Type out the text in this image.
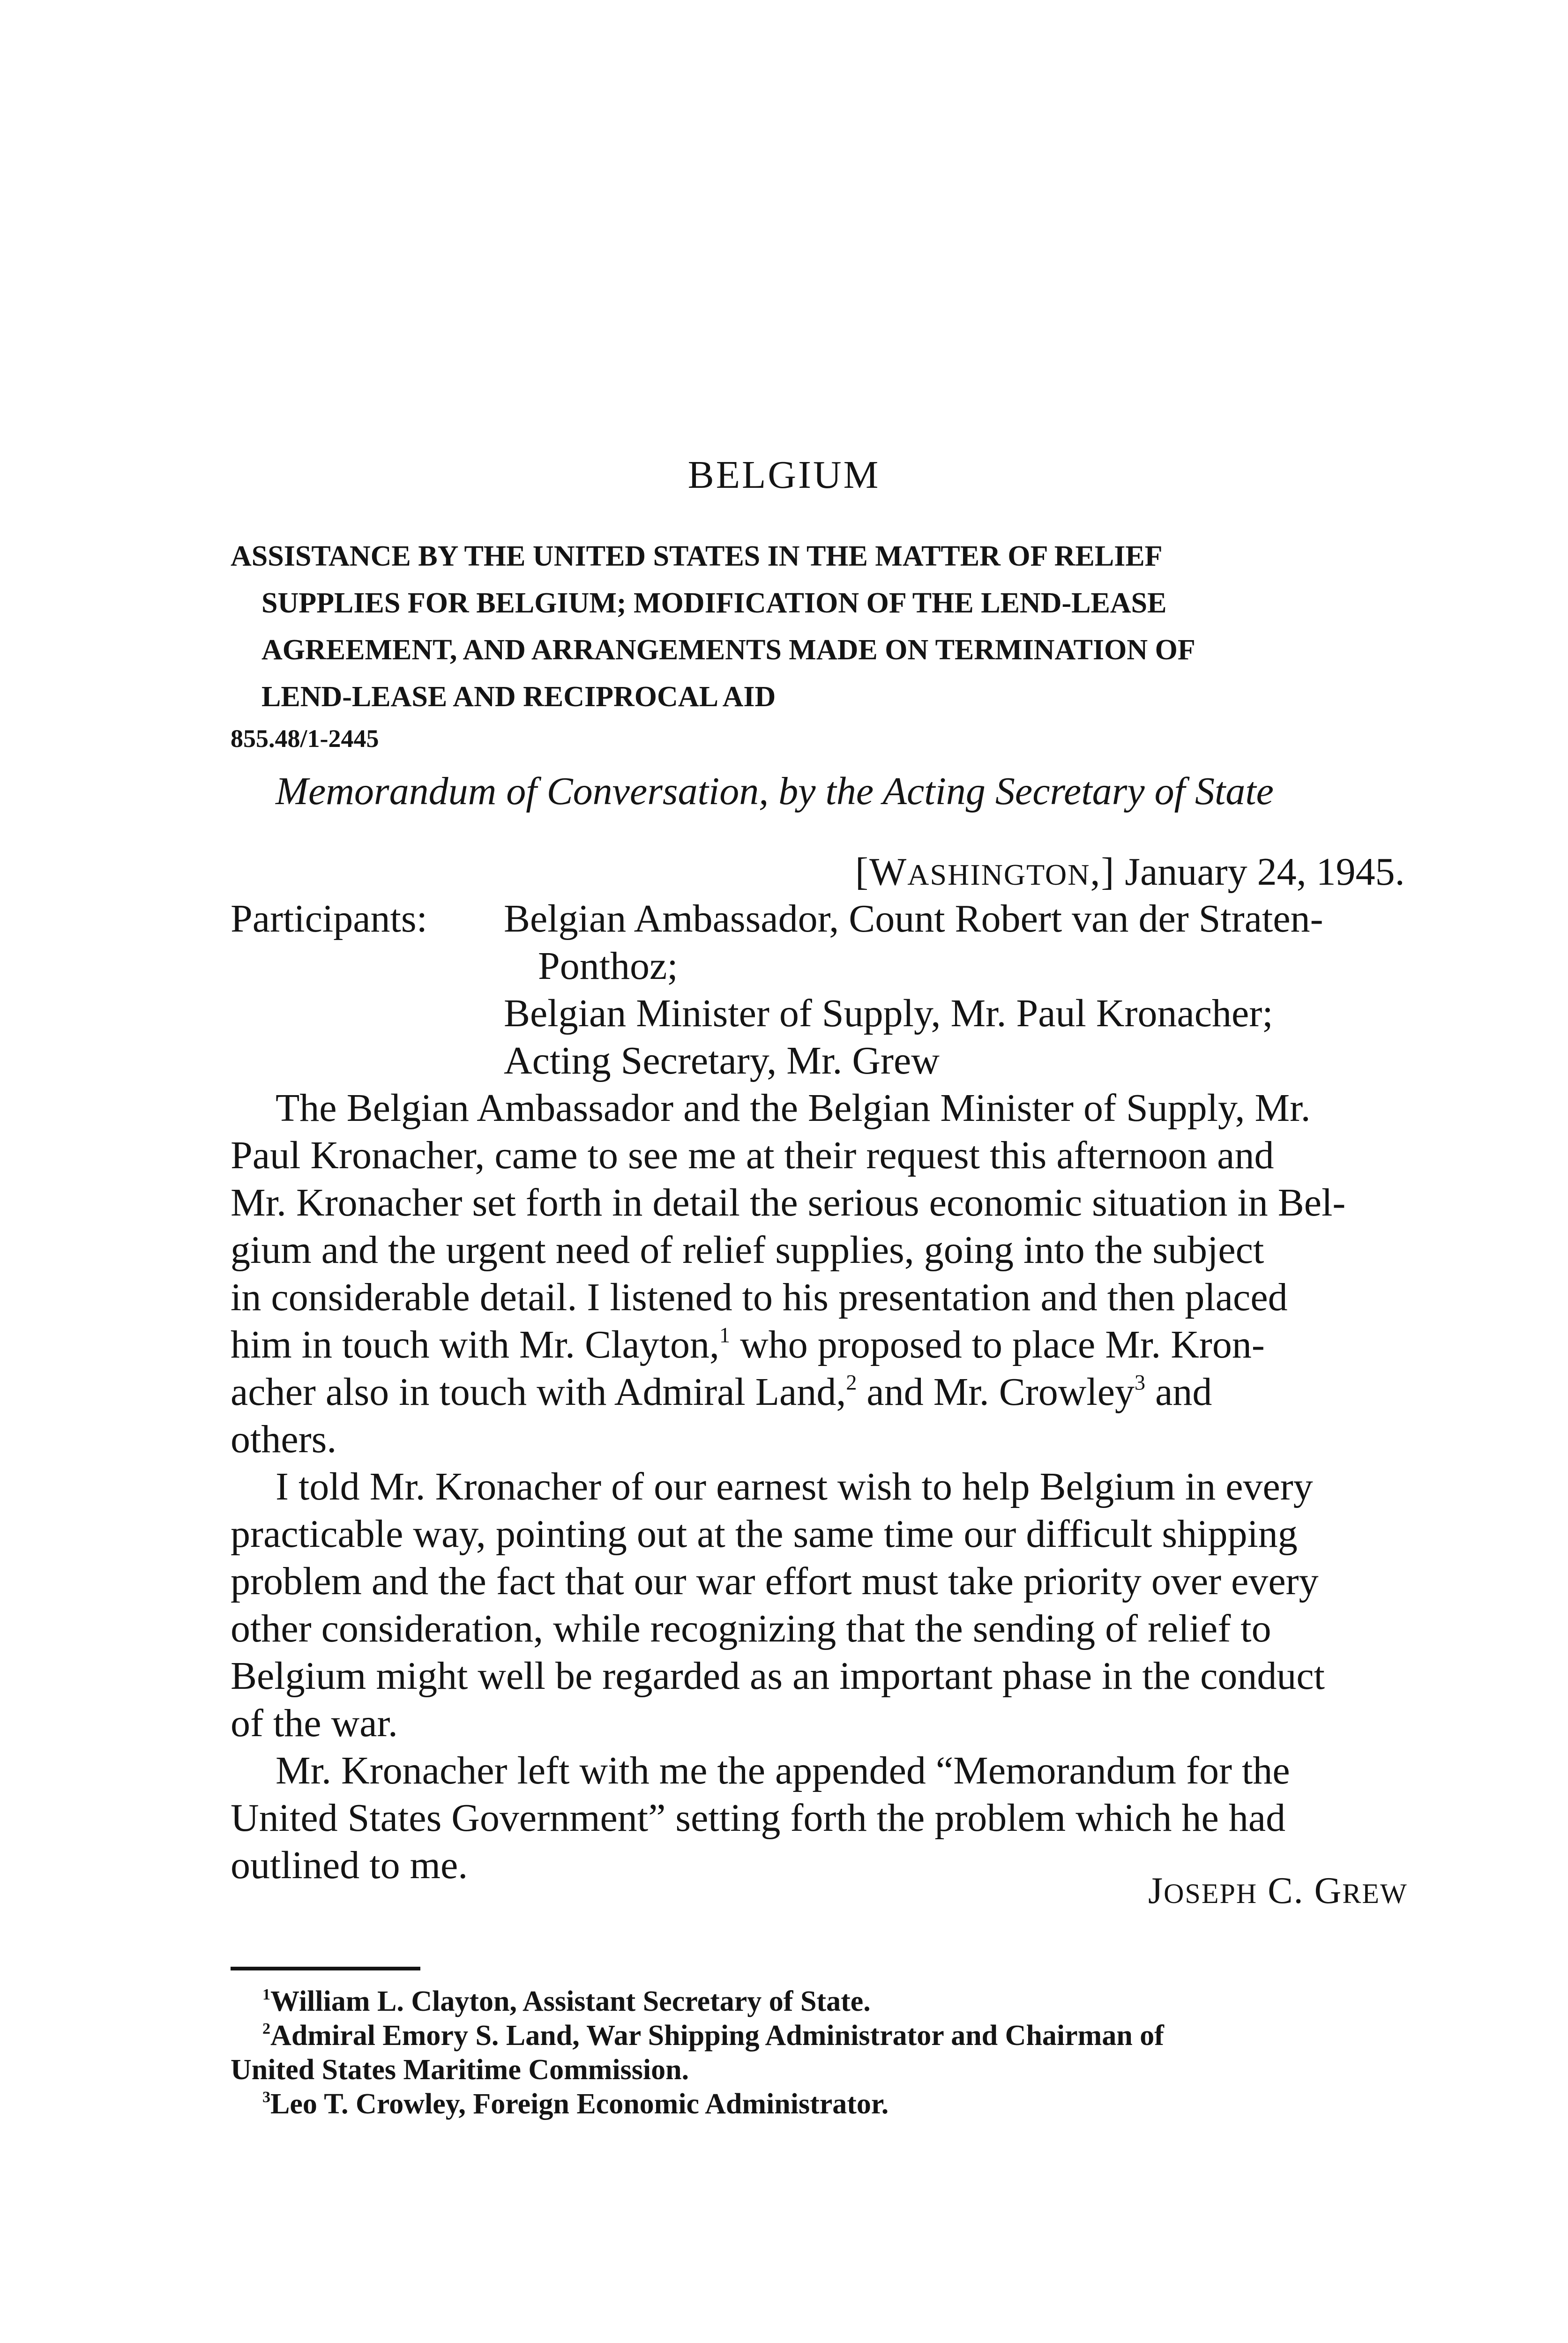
BELGIUM
ASSISTANCE BY THE UNITED STATES IN THE MATTER OF RELIEF
SUPPLIES FOR BELGIUM; MODIFICATION OF THE LEND-LEASE
AGREEMENT, AND ARRANGEMENTS MADE ON TERMINATION OF
LEND-LEASE AND RECIPROCAL AID
855.48/1-2445
Memorandum of Conversation, by the Acting Secretary of State
[WASHINGTON,] January 24, 1945.
Participants: Belgian Ambassador, Count Robert van der Straten-
Ponthoz;
Belgian Minister of Supply, Mr. Paul Kronacher;
Acting Secretary, Mr. Grew
The Belgian Ambassador and the Belgian Minister of Supply, Mr.
Paul Kronacher, came to see me at their request this afternoon and
Mr. Kronacher set forth in detail the serious economic situation in Bel-
gium and the urgent need of relief supplies, going into the subject
in considerable detail. I listened to his presentation and then placed
him in touch with Mr. Clayton,$^1$ who proposed to place Mr. Kron-
acher also in touch with Admiral Land,$^2$ and Mr. Crowley$^3$ and
others.
I told Mr. Kronacher of our earnest wish to help Belgium in every
practicable way, pointing out at the same time our difficult shipping
problem and the fact that our war effort must take priority over every
other consideration, while recognizing that the sending of relief to
Belgium might well be regarded as an important phase in the conduct
of the war.
Mr. Kronacher left with me the appended “Memorandum for the
United States Government” setting forth the problem which he had
outlined to me.
JOSEPH C. GREW
$^1$William L. Clayton, Assistant Secretary of State.
$^2$Admiral Emory S. Land, War Shipping Administrator and Chairman of
United States Maritime Commission.
$^3$Leo T. Crowley, Foreign Economic Administrator.
